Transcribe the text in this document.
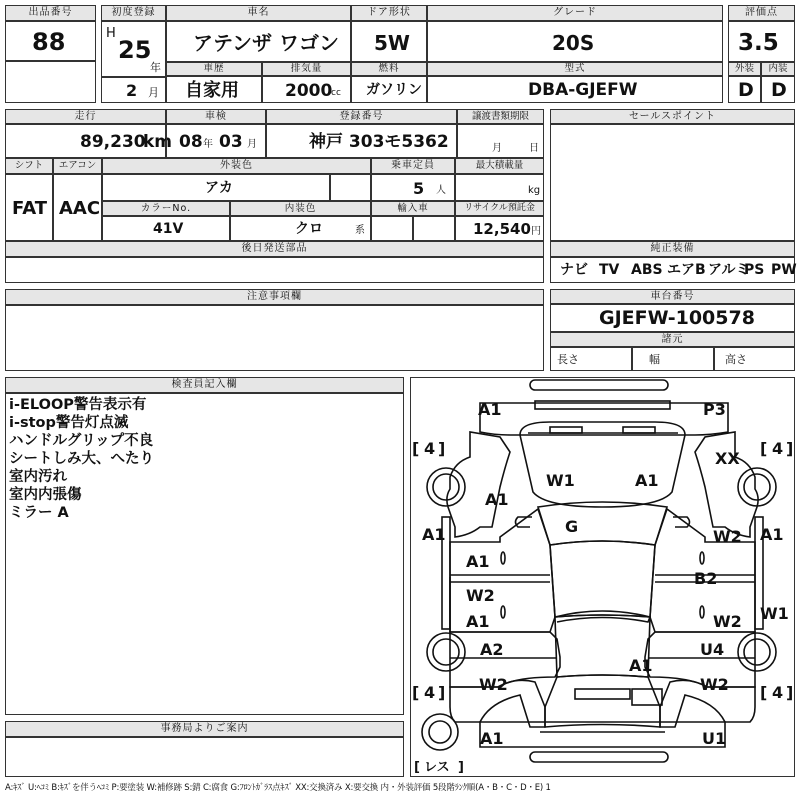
出品番号
88
初度登録
H
25
年
2 月
車名
アテンザ ワゴン
ドア形状
5W
グレード
20S
評価点
3.5
車歴
自家用
排気量
2000
cc
燃料
ガソリン
型式
DBA-GJEFW
外装	内装
D D
走行
89,230
km
車検
08 年 03 月
登録番号
神戸 303モ5362
譲渡書類期限
月	日
シフト	エアコン
FAT AAC
外装色
アカ
乗車定員
5 人
最大積載量
kg
カラーNo.
41V
内装色
クロ	系
輸入車	リサイクル預託金
12,540 円
後日発送部品
セールスポイント
純正装備
ナビ TV ABS エアB アルミ
PS PW
注意事項欄	車台番号
GJEFW-100578
諸元
長さ	幅	高さ
検査員記入欄
i-ELOOP警告表示有
i-stop警告灯点滅
ハンドルグリップ不良
シートしみ大、へたり
室内汚れ
室内内張傷
ミラー A
事務局よりご案内
[ 4 ]	[ 4 ]
[ 4 ]	[ 4 ]
[ レス ]
A1	P3
XX
A1
W1	A1
A1	G
A1
W2 A1
B2
W2
A1	W2 W1
A2	U4
A1
W2	W2
A1	U1
A:ｷｽﾞ U:ﾍｺﾐ B:ｷｽﾞを伴うﾍｺﾐ P:要塗装 W:補修跡 S:錆 C:腐食 G:ﾌﾛﾝﾄｶﾞﾗｽ点ｷｽﾞ XX:交換済み X:要交換 内・外装評価 5段階ﾗﾝｸ順(A・B・C・D・E) 1
